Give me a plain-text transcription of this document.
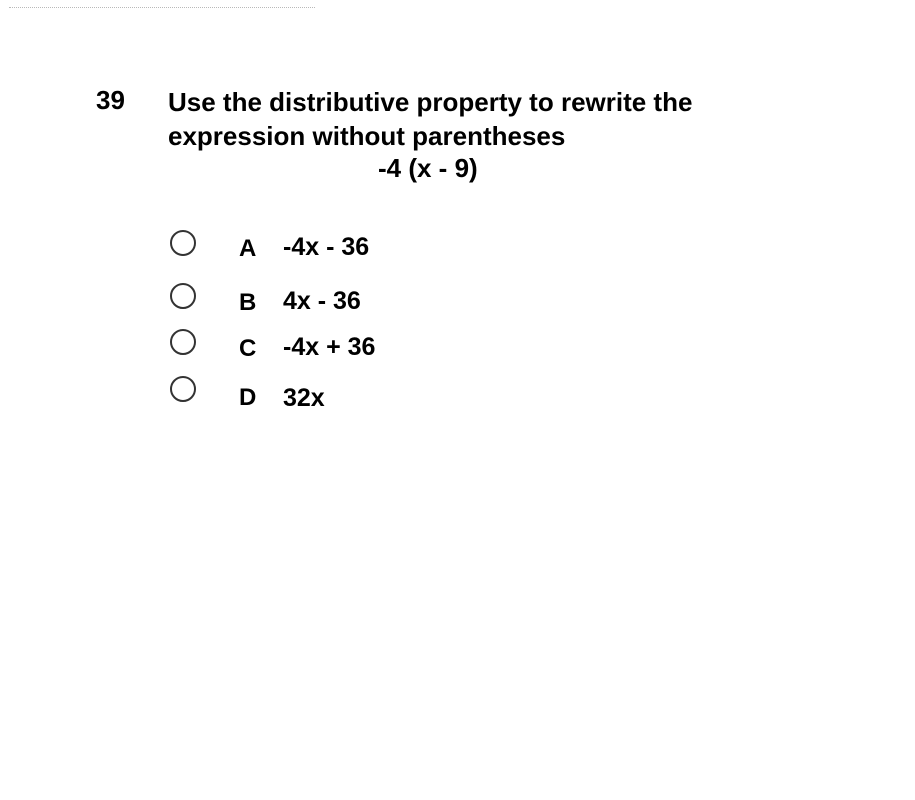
39 Use the distributive property to rewrite the
expression without parentheses
-4 (x - 9)
A -4x - 36
B 4x - 36
C -4x + 36
D 32x
